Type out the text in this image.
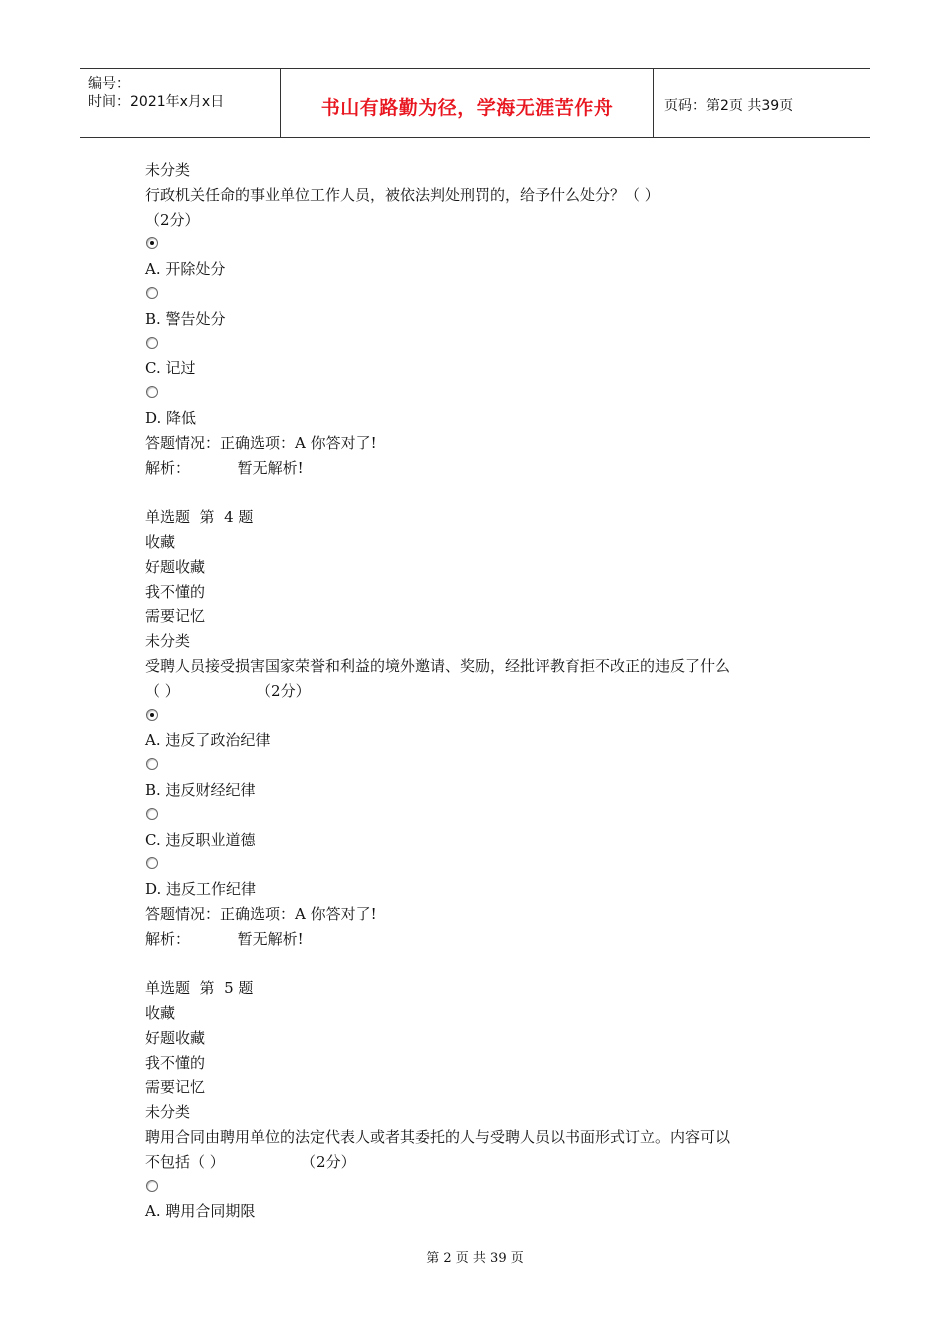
编号：
时间：2021年x月x日	书山有路勤为径，学海无涯苦作舟	页码：第2页 共39页
未分类
行政机关任命的事业单位工作人员，被依法判处刑罚的，给予什么处分？（ ）
（2分）
A. 开除处分
B. 警告处分
C. 记过
D. 降低
答题情况：正确选项：A 你答对了!
解析：          暂无解析!
单选题  第  4 题
收藏
好题收藏
我不懂的
需要记忆
未分类
受聘人员接受损害国家荣誉和利益的境外邀请、奖励，经批评教育拒不改正的违反了什么
（ ）                （2分）
A. 违反了政治纪律
B. 违反财经纪律
C. 违反职业道德
D. 违反工作纪律
答题情况：正确选项：A 你答对了!
解析：          暂无解析!
单选题  第  5 题
收藏
好题收藏
我不懂的
需要记忆
未分类
聘用合同由聘用单位的法定代表人或者其委托的人与受聘人员以书面形式订立。内容可以
不包括（ ）                （2分）
A. 聘用合同期限
第 2 页 共 39 页
